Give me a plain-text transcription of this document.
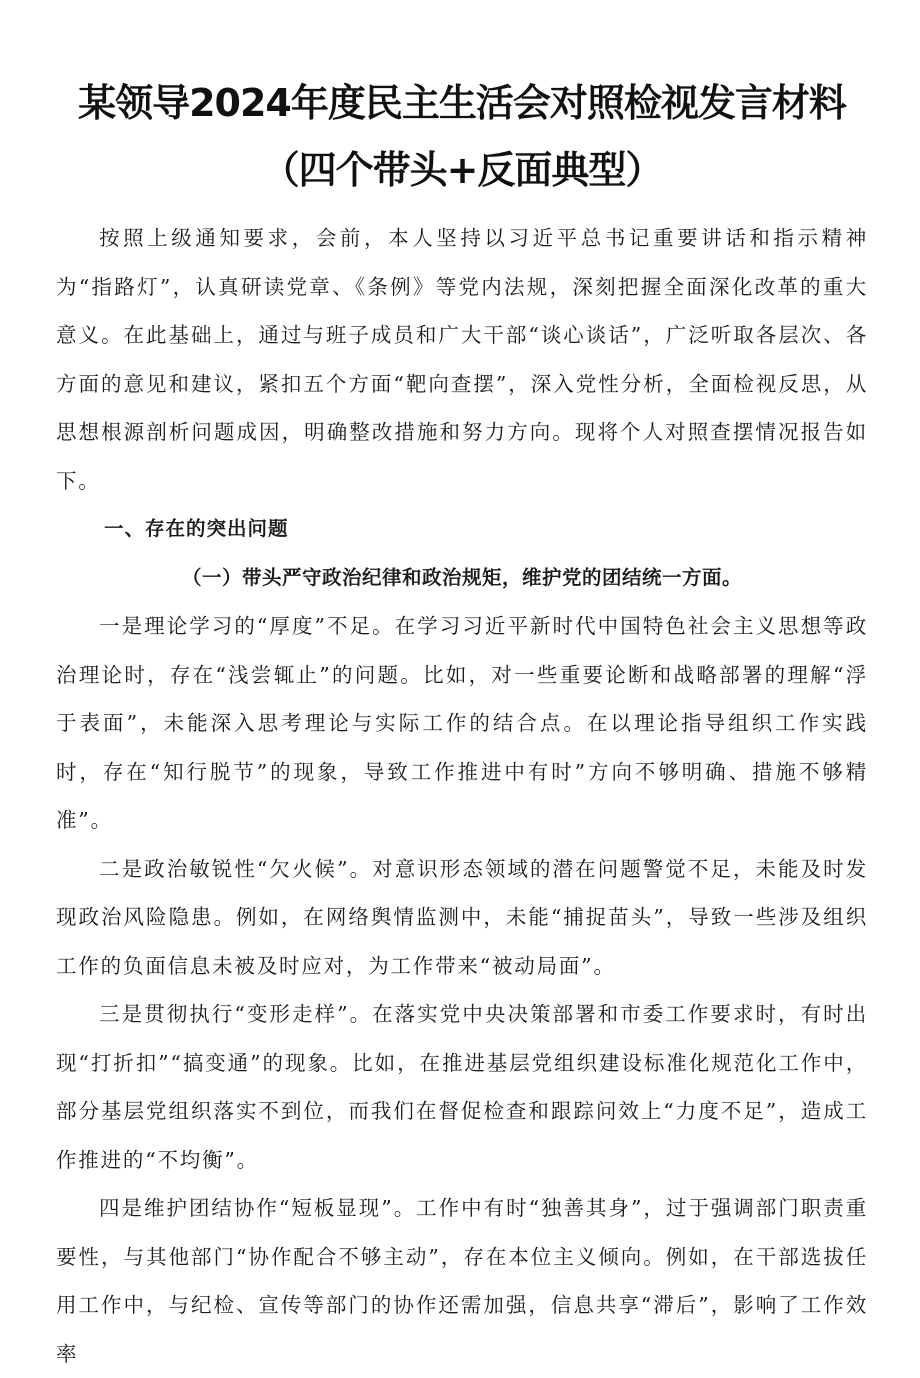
某领导2024年度民主生活会对照检视发言材料（四个带头+反面典型）

按照上级通知要求，会前，本人坚持以习近平总书记重要讲话和指示精神为“指路灯”，认真研读党章、《条例》等党内法规，深刻把握全面深化改革的重大意义。在此基础上，通过与班子成员和广大干部“谈心谈话”，广泛听取各层次、各方面的意见和建议，紧扣五个方面“靶向查摆”，深入党性分析，全面检视反思，从思想根源剖析问题成因，明确整改措施和努力方向。现将个人对照查摆情况报告如下。

一、存在的突出问题
（一）带头严守政治纪律和政治规矩，维护党的团结统一方面。

一是理论学习的“厚度”不足。在学习习近平新时代中国特色社会主义思想等政治理论时，存在“浅尝辄止”的问题。比如，对一些重要论断和战略部署的理解“浮于表面”，未能深入思考理论与实际工作的结合点。在以理论指导组织工作实践时，存在“知行脱节”的现象，导致工作推进中有时”方向不够明确、措施不够精准”。

二是政治敏锐性“欠火候”。对意识形态领域的潜在问题警觉不足，未能及时发现政治风险隐患。例如，在网络舆情监测中，未能“捕捉苗头”，导致一些涉及组织工作的负面信息未被及时应对，为工作带来“被动局面”。

三是贯彻执行“变形走样”。在落实党中央决策部署和市委工作要求时，有时出现“打折扣”“搞变通”的现象。比如，在推进基层党组织建设标准化规范化工作中，部分基层党组织落实不到位，而我们在督促检查和跟踪问效上“力度不足”，造成工作推进的“不均衡”。

四是维护团结协作“短板显现”。工作中有时“独善其身”，过于强调部门职责重要性，与其他部门“协作配合不够主动”，存在本位主义倾向。例如，在干部选拔任用工作中，与纪检、宣传等部门的协作还需加强，信息共享“滞后”，影响了工作效率
